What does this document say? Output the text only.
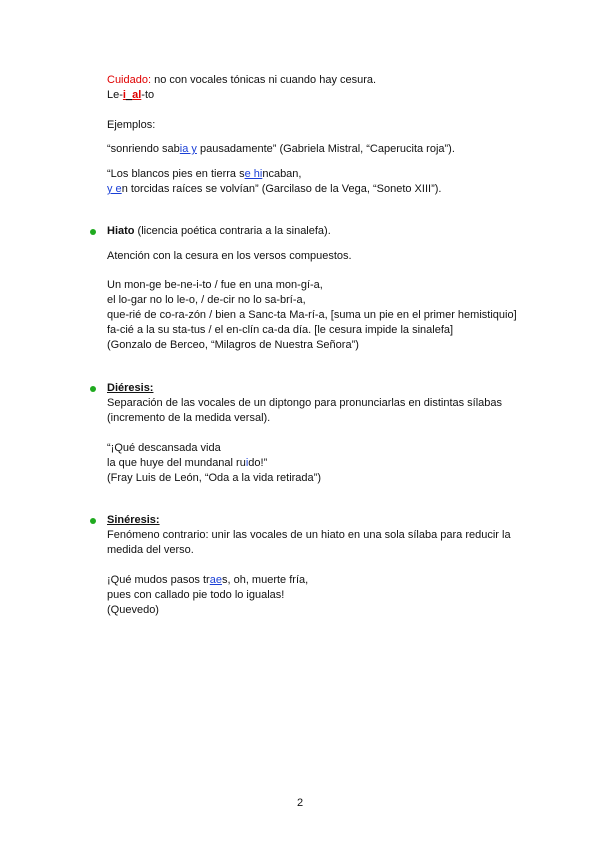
Cuidado: no con vocales tónicas ni cuando hay cesura.
Le-i_al-to
Ejemplos:
“sonriendo sabia y pausadamente” (Gabriela Mistral, “Caperucita roja”).
“Los blancos pies en tierra se hincaban,
y en torcidas raíces se volvían” (Garcilaso de la Vega, “Soneto XIII”).
Hiato (licencia poética contraria a la sinalefa).
Atención con la cesura en los versos compuestos.
Un mon-ge be-ne-i-to / fue en una mon-gí-a,
el lo-gar no lo le-o, / de-cir no lo sa-brí-a,
que-rié de co-ra-zón / bien a Sanc-ta Ma-rí-a, [suma un pie en el primer hemistiquio]
fa-cié a la su sta-tus / el en-clín ca-da día. [le cesura impide la sinalefa]
(Gonzalo de Berceo, “Milagros de Nuestra Señora”)
Diéresis:
Separación de las vocales de un diptongo para pronunciarlas en distintas sílabas
(incremento de la medida versal).
“¡Qué descansada vida
la que huye del mundanal ruido!”
(Fray Luis de León, “Oda a la vida retirada”)
Sinéresis:
Fenómeno contrario: unir las vocales de un hiato en una sola sílaba para reducir la
medida del verso.
¡Qué mudos pasos traes, oh, muerte fría,
pues con callado pie todo lo igualas!
(Quevedo)
2
